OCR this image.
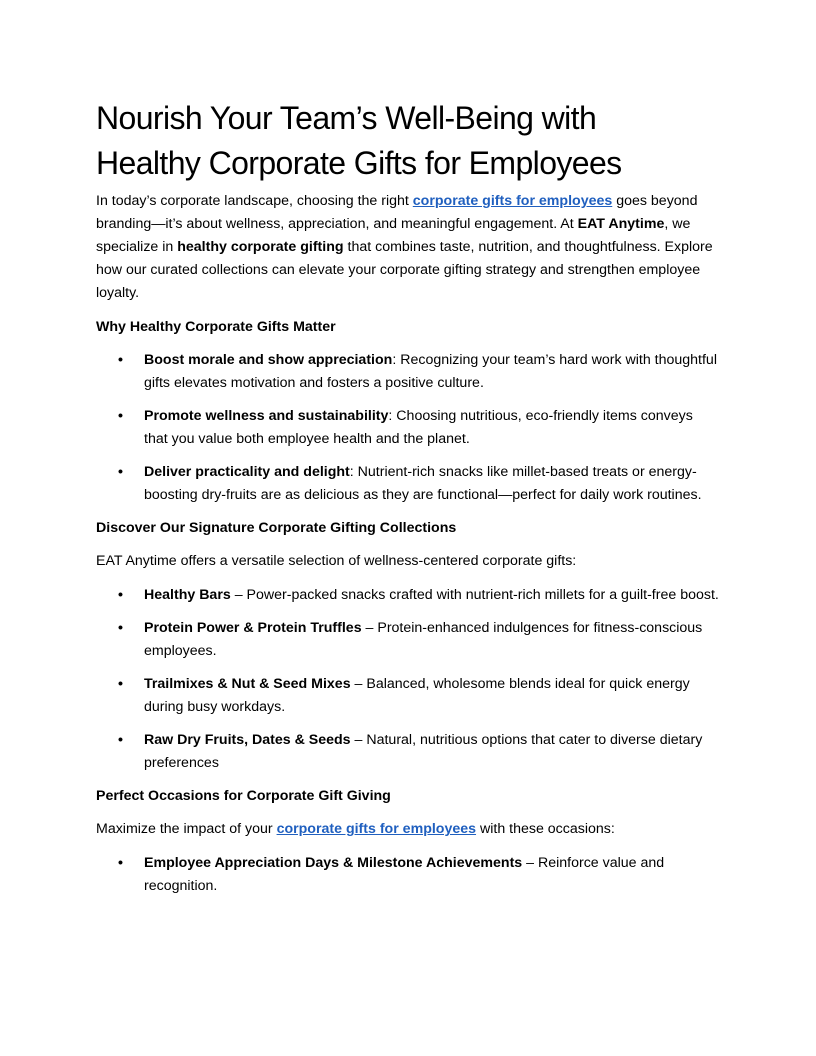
Nourish Your Team’s Well-Being with
Healthy Corporate Gifts for Employees

In today’s corporate landscape, choosing the right corporate gifts for employees goes beyond branding—it’s about wellness, appreciation, and meaningful engagement. At EAT Anytime, we specialize in healthy corporate gifting that combines taste, nutrition, and thoughtfulness. Explore how our curated collections can elevate your corporate gifting strategy and strengthen employee loyalty.

Why Healthy Corporate Gifts Matter
• Boost morale and show appreciation: Recognizing your team’s hard work with thoughtful gifts elevates motivation and fosters a positive culture.
• Promote wellness and sustainability: Choosing nutritious, eco-friendly items conveys that you value both employee health and the planet.
• Deliver practicality and delight: Nutrient-rich snacks like millet-based treats or energy-boosting dry-fruits are as delicious as they are functional—perfect for daily work routines.
Discover Our Signature Corporate Gifting Collections

EAT Anytime offers a versatile selection of wellness-centered corporate gifts:

• Healthy Bars – Power-packed snacks crafted with nutrient-rich millets for a guilt-free boost.
• Protein Power & Protein Truffles – Protein-enhanced indulgences for fitness-conscious employees.
• Trailmixes & Nut & Seed Mixes – Balanced, wholesome blends ideal for quick energy during busy workdays.
• Raw Dry Fruits, Dates & Seeds – Natural, nutritious options that cater to diverse dietary preferences
Perfect Occasions for Corporate Gift Giving

Maximize the impact of your corporate gifts for employees with these occasions:

• Employee Appreciation Days & Milestone Achievements – Reinforce value and recognition.
